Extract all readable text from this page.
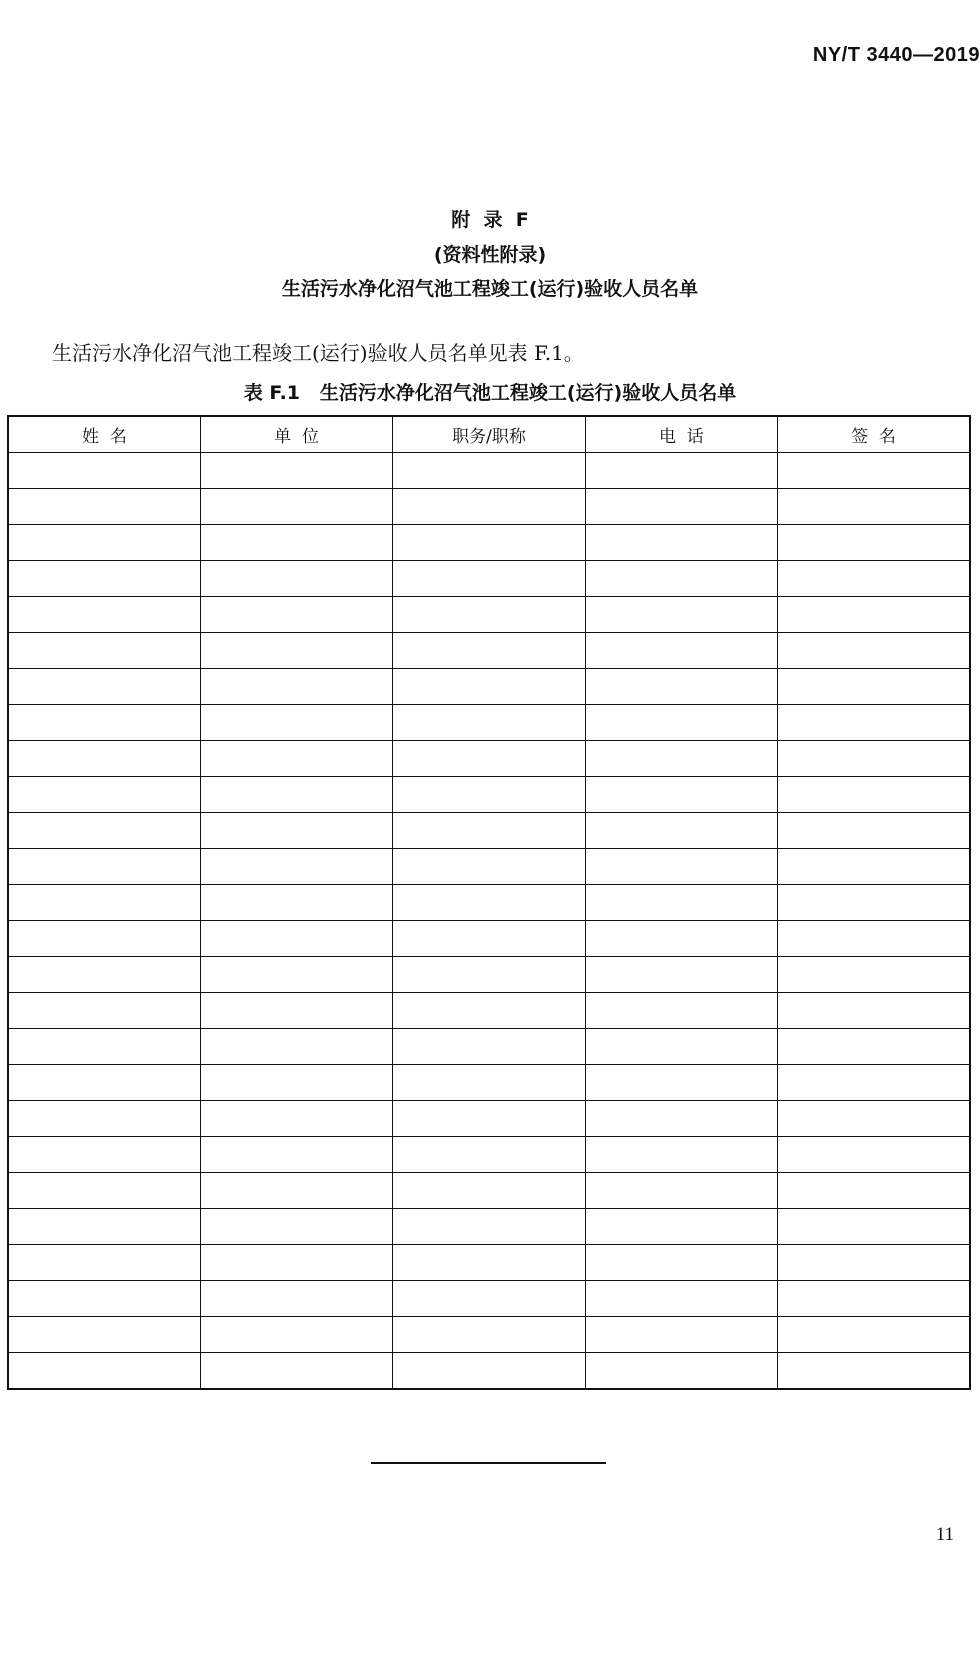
NY/T 3440—2019
附  录  F
(资料性附录)
生活污水净化沼气池工程竣工(运行)验收人员名单
生活污水净化沼气池工程竣工(运行)验收人员名单见表 F.1。
表 F.1   生活污水净化沼气池工程竣工(运行)验收人员名单
姓  名	单  位	职务/职称	电  话	签  名

11
